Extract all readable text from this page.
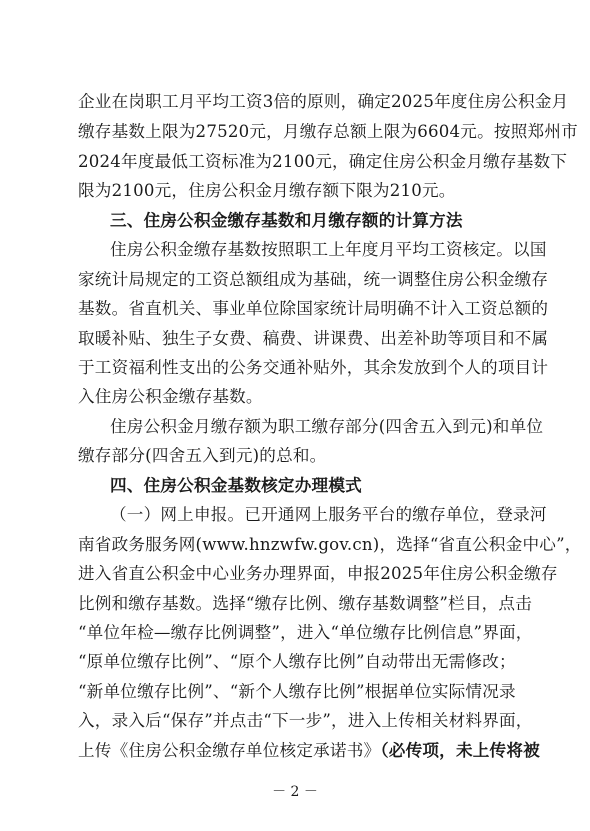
企业在岗职工月平均工资3倍的原则，确定2025年度住房公积金月
缴存基数上限为27520元，月缴存总额上限为6604元。按照郑州市
2024年度最低工资标准为2100元，确定住房公积金月缴存基数下
限为2100元，住房公积金月缴存额下限为210元。
三、住房公积金缴存基数和月缴存额的计算方法
住房公积金缴存基数按照职工上年度月平均工资核定。以国
家统计局规定的工资总额组成为基础，统一调整住房公积金缴存
基数。省直机关、事业单位除国家统计局明确不计入工资总额的
取暖补贴、独生子女费、稿费、讲课费、出差补助等项目和不属
于工资福利性支出的公务交通补贴外，其余发放到个人的项目计
入住房公积金缴存基数。
住房公积金月缴存额为职工缴存部分(四舍五入到元)和单位
缴存部分(四舍五入到元)的总和。
四、住房公积金基数核定办理模式
（一）网上申报。已开通网上服务平台的缴存单位，登录河
南省政务服务网(www.hnzwfw.gov.cn)，选择“省直公积金中心”，
进入省直公积金中心业务办理界面，申报2025年住房公积金缴存
比例和缴存基数。选择“缴存比例、缴存基数调整”栏目，点击
“单位年检—缴存比例调整”，进入“单位缴存比例信息”界面，
“原单位缴存比例”、“原个人缴存比例”自动带出无需修改；
“新单位缴存比例”、“新个人缴存比例”根据单位实际情况录
入，录入后“保存”并点击“下一步”，进入上传相关材料界面，
上传《住房公积金缴存单位核定承诺书》（必传项，未上传将被
－ 2 －
